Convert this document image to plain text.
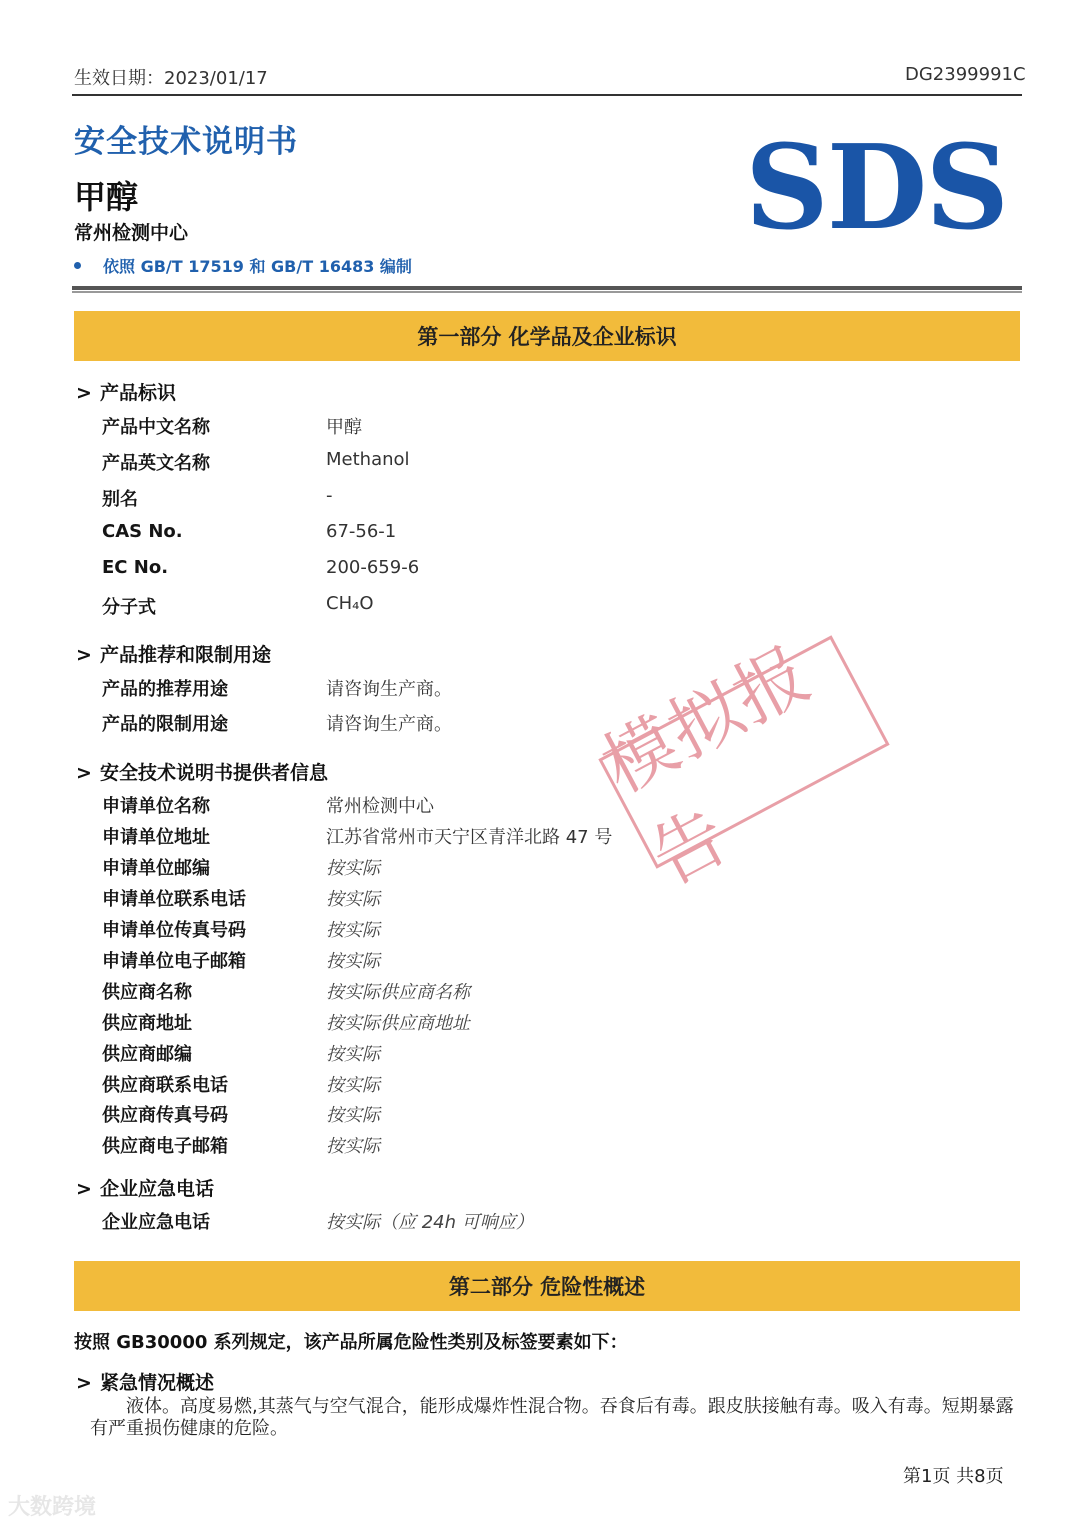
生效日期：2023/01/17	DG2399991C
安全技术说明书
甲醇
常州检测中心
依照 GB/T 17519 和 GB/T 16483 编制
SDS
第一部分 化学品及企业标识
> 产品标识
产品中文名称	甲醇
产品英文名称	Methanol
别名	-
CAS No.	67-56-1
EC No.	200-659-6
分子式	CH₄O
> 产品推荐和限制用途
产品的推荐用途	请咨询生产商。
产品的限制用途	请咨询生产商。
> 安全技术说明书提供者信息
申请单位名称	常州检测中心
申请单位地址	江苏省常州市天宁区青洋北路 47 号
申请单位邮编	按实际
申请单位联系电话	按实际
申请单位传真号码	按实际
申请单位电子邮箱	按实际
供应商名称	按实际供应商名称
供应商地址	按实际供应商地址
供应商邮编	按实际
供应商联系电话	按实际
供应商传真号码	按实际
供应商电子邮箱	按实际
> 企业应急电话
企业应急电话	按实际（应 24h 可响应）
第二部分 危险性概述
按照 GB30000 系列规定，该产品所属危险性类别及标签要素如下：
> 紧急情况概述
液体。高度易燃,其蒸气与空气混合，能形成爆炸性混合物。吞食后有毒。跟皮肤接触有毒。吸入有毒。短期暴露有严重损伤健康的危险。
模拟报告
第1页 共8页
大数跨境
